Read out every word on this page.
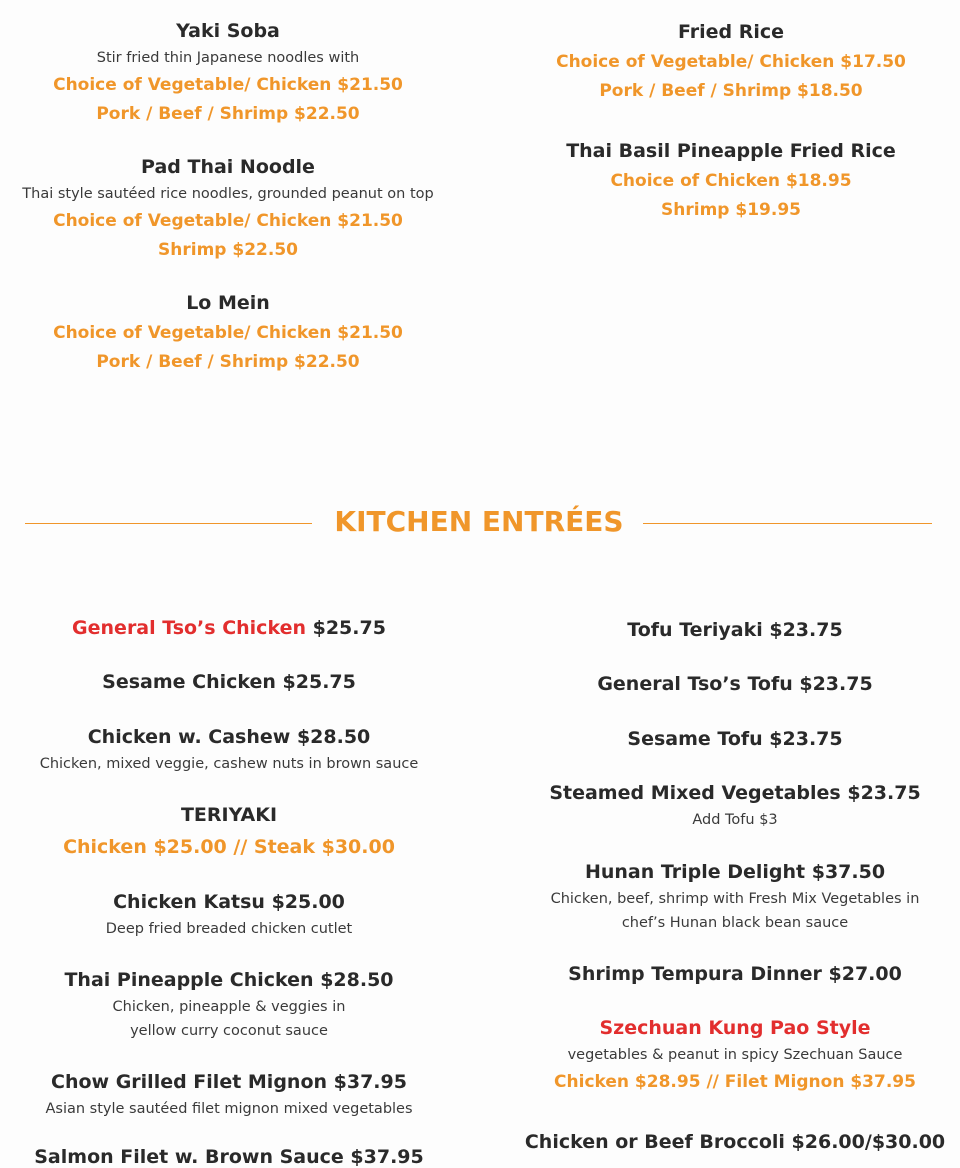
Yaki Soba
Stir fried thin Japanese noodles with
Choice of Vegetable/ Chicken $21.50
Pork / Beef / Shrimp $22.50
Pad Thai Noodle
Thai style sautéed rice noodles, grounded peanut on top
Choice of Vegetable/ Chicken $21.50
Shrimp $22.50
Lo Mein
Choice of Vegetable/ Chicken $21.50
Pork / Beef / Shrimp $22.50
Fried Rice
Choice of Vegetable/ Chicken $17.50
Pork / Beef / Shrimp $18.50
Thai Basil Pineapple Fried Rice
Choice of Chicken $18.95
Shrimp $19.95
KITCHEN ENTRÉES
General Tso’s Chicken $25.75
Sesame Chicken $25.75
Chicken w. Cashew $28.50
Chicken, mixed veggie, cashew nuts in brown sauce
TERIYAKI
Chicken $25.00 // Steak $30.00
Chicken Katsu $25.00
Deep fried breaded chicken cutlet
Thai Pineapple Chicken $28.50
Chicken, pineapple & veggies in
yellow curry coconut sauce
Chow Grilled Filet Mignon $37.95
Asian style sautéed filet mignon mixed vegetables
Salmon Filet w. Brown Sauce $37.95
Tofu Teriyaki $23.75
General Tso’s Tofu $23.75
Sesame Tofu $23.75
Steamed Mixed Vegetables $23.75
Add Tofu $3
Hunan Triple Delight $37.50
Chicken, beef, shrimp with Fresh Mix Vegetables in
chef’s Hunan black bean sauce
Shrimp Tempura Dinner $27.00
Szechuan Kung Pao Style
vegetables & peanut in spicy Szechuan Sauce
Chicken $28.95 // Filet Mignon $37.95
Chicken or Beef Broccoli $26.00/$30.00
